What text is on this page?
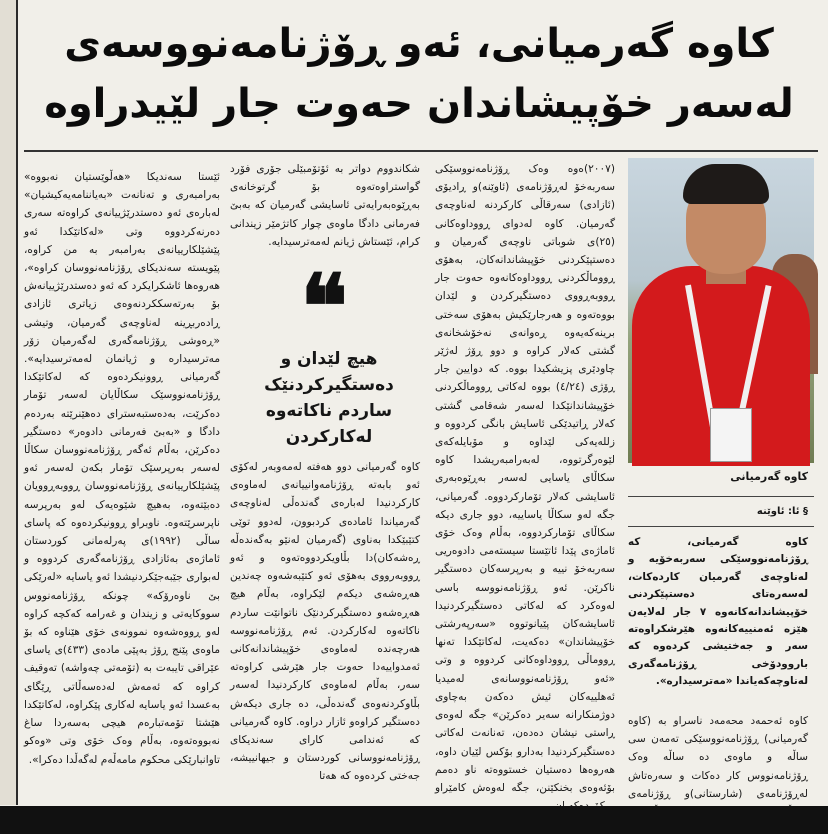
کاوە گەرمیانی، ئەو ڕۆژنامەنووسەی
لەسەر خۆپیشاندان حەوت جار لێیدراوە
کاوە گەرمیانی
§ ئا: ئاوێنە
کاوە گەرمیانی، کە ڕۆژنامەنووسێکی سەربەخۆیە و لەناوچەی گەرمیان کاردەکات، لەسەرەتای دەستپێکردنی خۆپیشاندانەکانەوە ٧ جار لەلایەن هێزە ئەمنییەکانەوە هێرشکراوەتە سەر و جەختیشی کردەوە کە باروودۆخی ڕۆژنامەگەری لەناوچەکەیاندا «مەترسیدارە».

کاوە ئەحمەد محەمەد ناسراو بە (کاوە گەرمیانی) ڕۆژنامەنووسێکی تەمەن سی ساڵە و ماوەی دە ساڵە وەک ڕۆژنامەنووس کار دەکات و سەرەتاش لەڕۆژنامەی (شارستانی)و ڕۆژنامەی

(٢٠٠٧)ەوە وەک ڕۆژنامەنووسێکی سەربەخۆ لەڕۆژنامەی (ئاوێنە)و ڕادیۆی (ئازادی) سەرقاڵی کارکردنە لەناوچەی گەرمیان. کاوە لەدوای ڕووداوەکانی (٢٥)ی شوباتی ناوچەی گەرمیان و دەستپێکردنی خۆپیشاندانەکان، بەهۆی ڕووماڵکردنی ڕووداوەکانەوە حەوت جار ڕووبەڕووی دەستگیرکردن و لێدان بووەتەوە و هەرجارێکیش بەهۆی سەختی برینەکەیەوە ڕەوانەی نەخۆشخانەی گشتی کەلار کراوە و دوو ڕۆژ لەژێر چاودێری پزیشکیدا بووە. کە دوایین جار ڕۆژی (٤/٢٤) بووە لەکاتی ڕووماڵکردنی خۆپیشاندانێکدا لەسەر شەقامی گشتی کەلار ڕاتیدێکی ئاسایش بانگی کردووە و زللەیەکی لێداوە و مۆبایلەکەی لێوەرگرتووە، لەبەرامبەریشدا کاوە سکاڵای یاسایی لەسەر بەڕێوەبەری ئاسایشی کەلار تۆمارکردووە. گەرمیانی، جگە لەو سکاڵا یاساییە، دوو جاری دیکە سکاڵای تۆمارکردووە، بەڵام وەک خۆی ئاماژەی پێدا ئاتێستا سیستەمی دادوەریی سەربەخۆ نییە و بەرپرسەکان دەستگیر ناکرێن. ئەو ڕۆژنامەنووسە باسی لەوەکرد کە لەکاتی دەستگیرکردنیدا ئاسایشەکان پێیانوتووە «سەرپەرشتی خۆپیشاندان» دەکەیت، لەکاتێکدا تەنها ڕووماڵی ڕووداوەکانی کردووە و وتی «ئەو ڕۆژنامەنووسانەی لەمیدیا ئەهلییەکان ئیش دەکەن بەچاوی دوژمنکارانە سەیر دەکرێن» جگە لەوەی ڕاستی نیشان دەدەن، تەنانەت لەکاتی دەستگیرکردنیدا بەدارو بۆکس لێیان داوە، هەروەها دەستیان خستووەتە ناو دەمم بۆئەوەی بخنکێنن، جگە لەوەش کامێراو

شکاندووم دواتر بە ئۆتۆمبێلی جۆری فۆرد گواستراوەتەوە بۆ گرتوخانەی بەڕێوەبەرایەتی ئاسایشی گەرمیان کە بەبێ فەرمانی دادگا ماوەی چوار کاتژمێر زیندانی کرام، ئێستاش ژیانم لەمەترسیدایە.

❝
هیچ لێدان و دەستگیرکردنێک ساردم ناکاتەوە لەکارکردن

کاوە گەرمیانی دوو هەفتە لەمەوبەر لەکۆی ئەو بابەتە ڕۆژنامەوانییانەی لەماوەی کارکردنیدا لەبارەی گەندەڵی لەناوچەی گەرمیاندا ئامادەی کردبوون، لەدوو توێی کتێبێکدا بەناوی (گەرمیان لەنێو بەگەندەڵە ڕەشەکان)دا بڵاویکردووەتەوە و ئەو ڕووبەرووی بەهۆی ئەو کتێبەشەوە چەندین هەڕەشەی دیکەم لێکراوە، بەڵام هیچ هەڕەشەو دەستگیرکردنێک ناتوانێت ساردم ناکاتەوە لەکارکردن. ئەم ڕۆژنامەنووسە هەرچەندە لەماوەی خۆپیشاندانەکانی ئەمدواییەدا حەوت جار هێرشی کراوەتە سەر، بەڵام لەماوەی کارکردنیدا لەسەر بڵاوکردنەوەی گەندەڵی، دە جاری دیکەش دەستگیر کراوەو ئازار دراوە. کاوە گەرمیانی کە ئەندامی کارای سەندیکای ڕۆژنامەنووسانی کوردستان و جیهانییشە، جەختی کردەوە کە هەتا

ئێستا سەندیکا «هەڵوێستیان نەبووە» بەرامبەری و تەنانەت «بەیاننامەیەکیشیان» لەبارەی ئەو دەستدرێژییانەی کراوەتە سەری دەرنەکردووە وتی «لەکاتێکدا ئەو پێشێلکارییانەی بەرامبەر بە من کراوە، پێویستە سەندیکای ڕۆژنامەنووسان کراوە»، هەروەها ئاشکرایکرد کە ئەو دەستدرێژییانەش بۆ بەرتەسککردنەوەی زیاتری ئازادی ڕادەربڕینە لەناوچەی گەرمیان، وتیشی «ڕەوشی ڕۆژنامەگەری لەگەرمیان زۆر مەترسیدارە و ژیانمان لەمەترسیدایە». گەرمیانی ڕوونیکردەوە کە لەکاتێکدا ڕۆژنامەنووسێک سکاڵایان لەسەر تۆمار دەکرێت، بەدەستبەسترای دەهێنرێتە بەردەم دادگا و «بەبێ فەرمانی دادوەر» دەستگیر دەکرێن، بەڵام ئەگەر ڕۆژنامەنووسان سکاڵا لەسەر بەرپرسێک تۆمار بکەن لەسەر ئەو پێشێلکارییانەی ڕۆژنامەنووسان ڕووبەڕوویان دەبێتەوە، بەهیچ شێوەیەک لەو بەرپرسە ناپرسرێتەوە. ناوبراو ڕوونیکردەوە کە پاسای ساڵی (١٩٩٢)ی پەرلەمانی کوردستان ئاماژەی بەئازادی ڕۆژنامەگەری کردووە و لەبواری جێبەجێکردنیشدا ئەو یاسایە «لەرێکی بێ ناوەرۆکە» چونکە ڕۆژنامەنووس سووکایەتی و زیندان و غەرامە کەکچە کراوە لەو ڕووەشەوە نموونەی خۆی هێناوە کە بۆ ماوەی پێنج ڕۆژ بەپێی مادەی (٤٣٣)ی یاسای عێراقی تایبەت بە (تۆمەتی چەواشە) تەوقیف کراوە کە ئەمەش لەدەسەڵاتی ڕێگای بەعسدا ئەو یاسایە لەکاری پێکراوە، لەکاتێکدا هێشتا تۆمەتبارەم هیچی بەسەردا ساغ نەبووەتەوە، بەڵام وەک خۆی وتی «وەکو تاوانبارێکی محکوم مامەڵەم لەگەڵدا دەکرا».
